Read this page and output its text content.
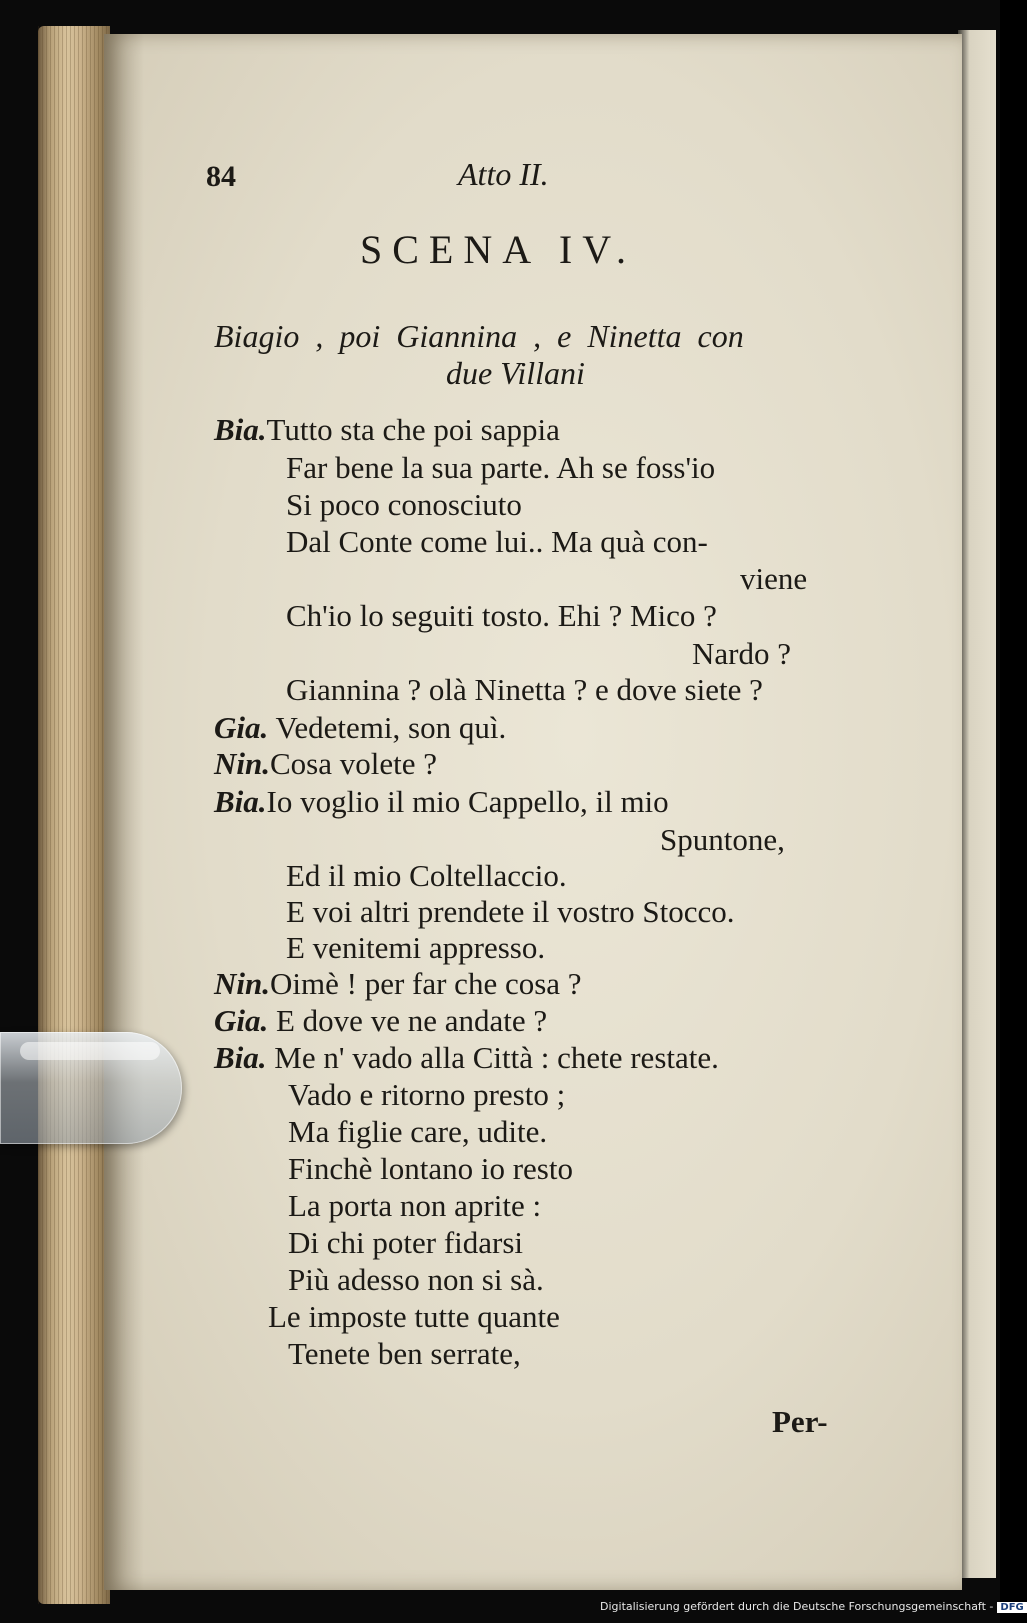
84	Atto II.
SCENA IV.
Biagio , poi Giannina , e Ninetta con
due Villani
Bia.Tutto sta che poi sappia
Far bene la sua parte. Ah se foss'io
Si poco conosciuto
Dal Conte come lui.. Ma quà con-
viene
Ch'io lo seguiti tosto. Ehi ? Mico ?
Nardo ?
Giannina ? olà Ninetta ? e dove siete ?
Gia. Vedetemi, son quì.
Nin.Cosa volete ?
Bia.Io voglio il mio Cappello, il mio
Spuntone,
Ed il mio Coltellaccio.
E voi altri prendete il vostro Stocco.
E venitemi appresso.
Nin.Oimè ! per far che cosa ?
Gia. E dove ve ne andate ?
Bia. Me n' vado alla Città : chete restate.
Vado e ritorno presto ;
Ma figlie care, udite.
Finchè lontano io resto
La porta non aprite :
Di chi poter fidarsi
Più adesso non si sà.
Le imposte tutte quante
Tenete ben serrate,
Per-
Digitalisierung gefördert durch die Deutsche Forschungsgemeinschaft - DFG
